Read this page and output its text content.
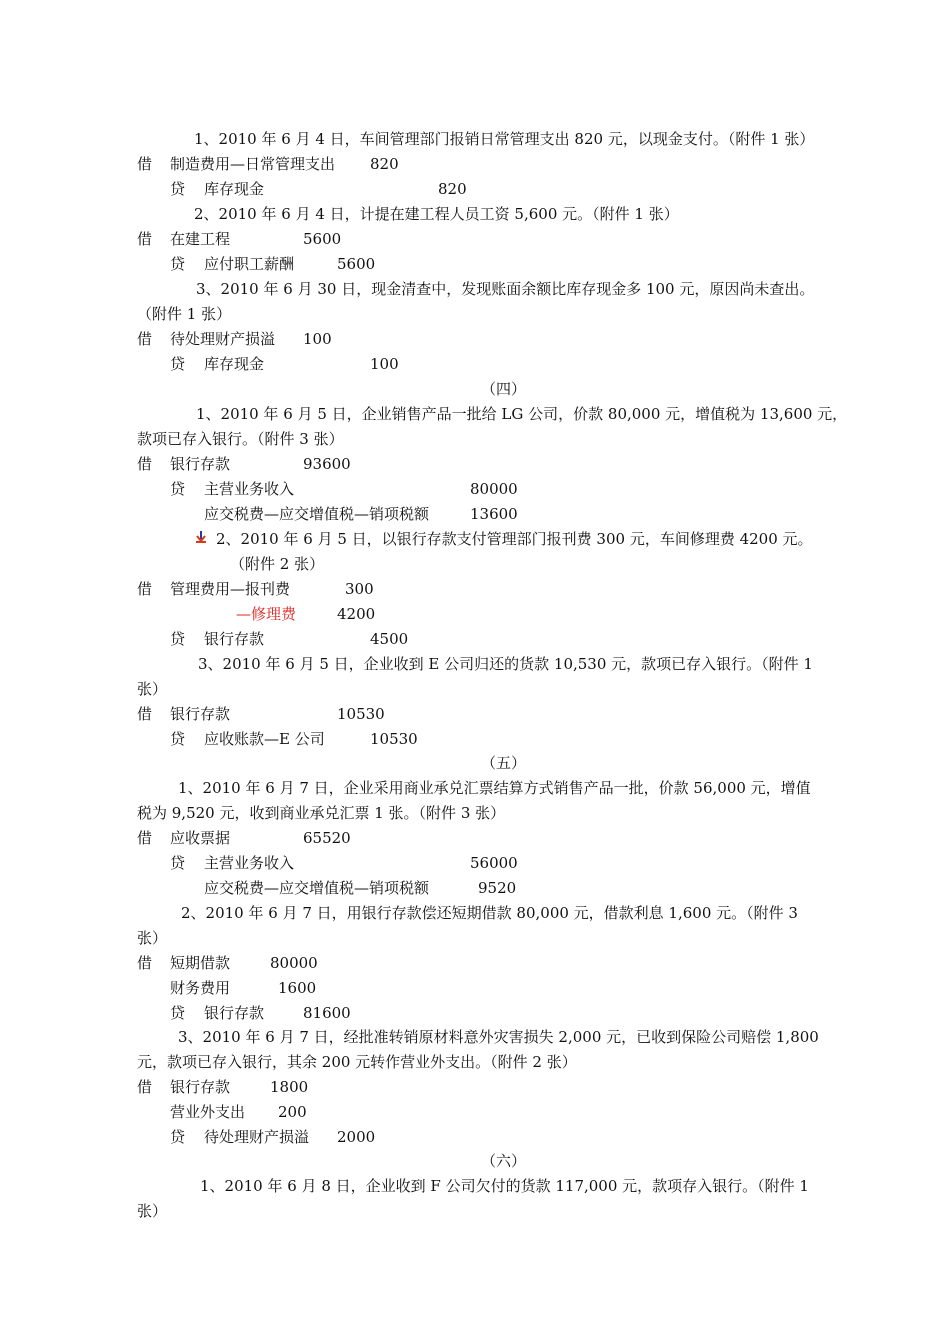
1、2010 年 6 月 4 日，车间管理部门报销日常管理支出 820 元，以现金支付。（附件 1 张）
借 制造费用—日常管理支出 820
贷 库存现金	820
2、2010 年 6 月 4 日，计提在建工程人员工资 5,600 元。（附件 1 张）
借 在建工程	5600
贷 应付职工薪酬	5600
3、2010 年 6 月 30 日，现金清查中，发现账面余额比库存现金多 100 元，原因尚未查出。
（附件 1 张）
借 待处理财产损溢 100
贷 库存现金	100
（四）
1、2010 年 6 月 5 日，企业销售产品一批给 LG 公司，价款 80,000 元，增值税为 13,600 元，
款项已存入银行。（附件 3 张）
借 银行存款	93600
贷 主营业务收入	80000
应交税费—应交增值税—销项税额	13600
2、2010 年 6 月 5 日，以银行存款支付管理部门报刊费 300 元，车间修理费 4200 元。
（附件 2 张）
借 管理费用—报刊费	300
—修理费	4200
贷 银行存款	4500
3、2010 年 6 月 5 日，企业收到 E 公司归还的货款 10,530 元，款项已存入银行。（附件 1
张）
借 银行存款	10530
贷 应收账款—E 公司	10530
（五）
1、2010 年 6 月 7 日，企业采用商业承兑汇票结算方式销售产品一批，价款 56,000 元，增值
税为 9,520 元，收到商业承兑汇票 1 张。（附件 3 张）
借 应收票据	65520
贷 主营业务收入	56000
应交税费—应交增值税—销项税额	9520
2、2010 年 6 月 7 日，用银行存款偿还短期借款 80,000 元，借款利息 1,600 元。（附件 3
张）
借 短期借款	80000
财务费用	1600
贷 银行存款	81600
3、2010 年 6 月 7 日，经批准转销原材料意外灾害损失 2,000 元，已收到保险公司赔偿 1,800
元，款项已存入银行，其余 200 元转作营业外支出。（附件 2 张）
借 银行存款	1800
营业外支出 200
贷 待处理财产损溢 2000
（六）
1、2010 年 6 月 8 日，企业收到 F 公司欠付的货款 117,000 元，款项存入银行。（附件 1
张）
